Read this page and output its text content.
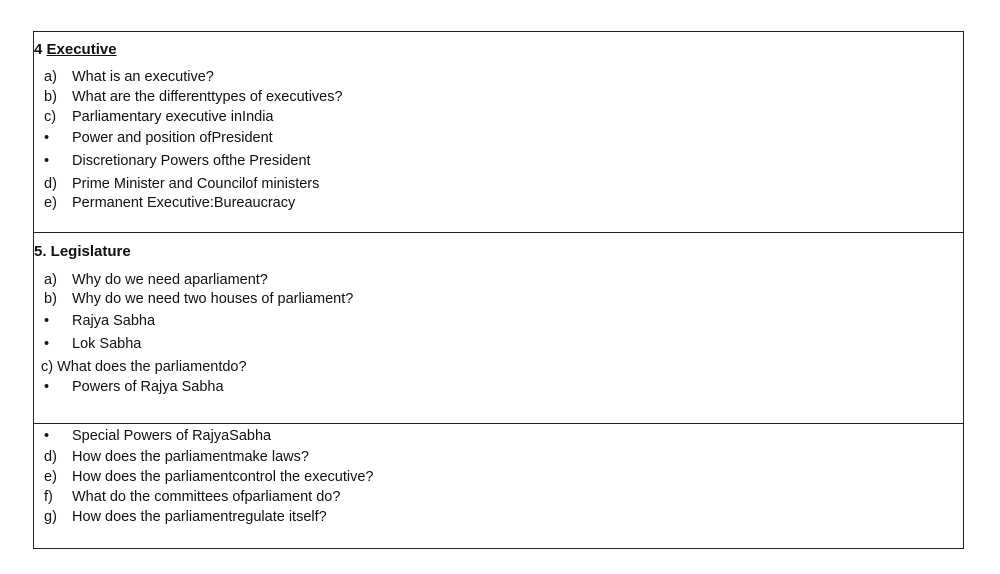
4 Executive
a) What is an executive?
b) What are the differenttypes of executives?
c) Parliamentary executive inIndia
• Power and position ofPresident
• Discretionary Powers ofthe President
d) Prime Minister and Councilof ministers
e) Permanent Executive:Bureaucracy
5. Legislature
a) Why do we need aparliament?
b) Why do we need two houses of parliament?
• Rajya Sabha
• Lok Sabha
c) What does the parliamentdo?
• Powers of Rajya Sabha
• Special Powers of RajyaSabha
d) How does the parliamentmake laws?
e) How does the parliamentcontrol the executive?
f) What do the committees ofparliament do?
g) How does the parliamentregulate itself?
